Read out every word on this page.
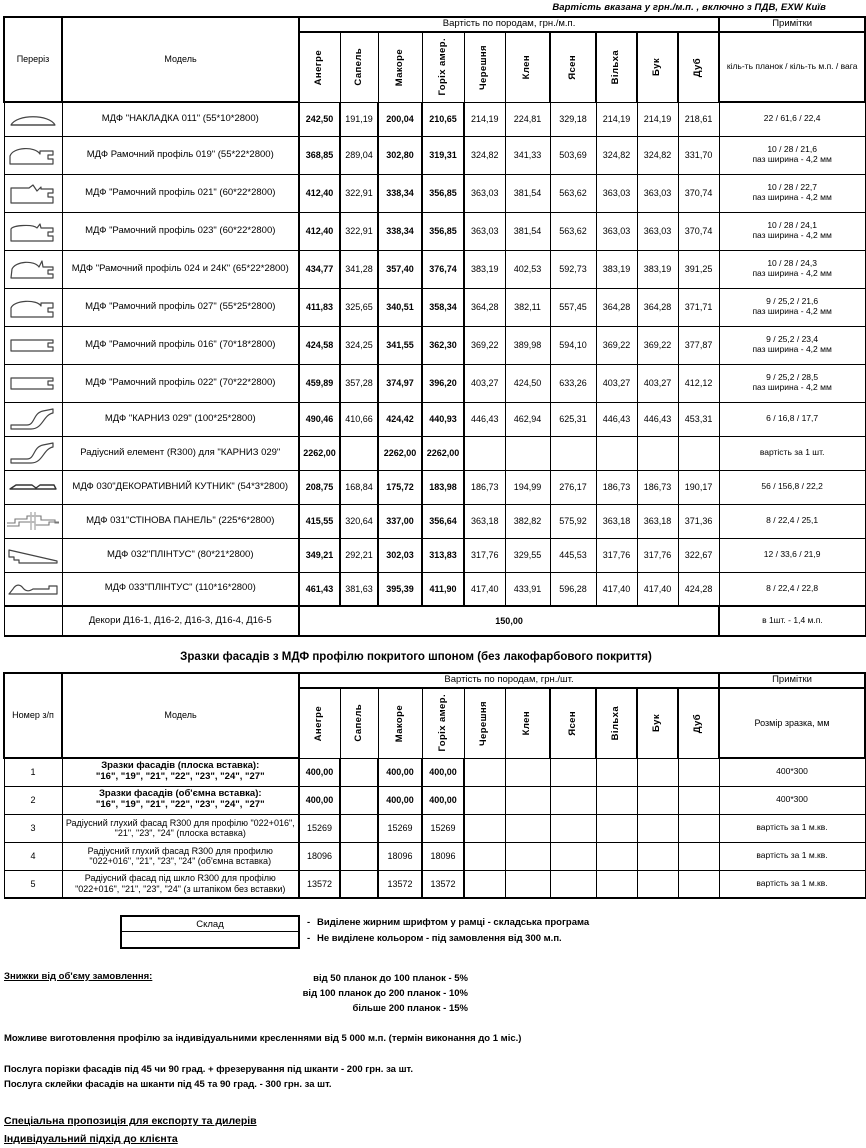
Вартість вказана у грн./м.п. , включно з ПДВ, EXW Київ
Переріз	Модель	Вартість по породам, грн./м.п.										Примітки

		Анегре	Сапель	Макоре	Горіх амер.	Черешня	Клен	Ясен	Вільха	Бук	Дуб	кіль-ть планок / кіль-ть м.п. / вага

	МДФ "НАКЛАДКА 011" (55*10*2800)	242,50	191,19	200,04	210,65	214,19	224,81	329,18	214,19	214,19	218,61	22 / 61,6 / 22,4

	МДФ Рамочний профіль 019" (55*22*2800)	368,85	289,04	302,80	319,31	324,82	341,33	503,69	324,82	324,82	331,70	10 / 28 / 21,6
паз ширина - 4,2 мм

	МДФ "Рамочний профіль 021" (60*22*2800)	412,40	322,91	338,34	356,85	363,03	381,54	563,62	363,03	363,03	370,74	10 / 28 / 22,7
паз ширина - 4,2 мм

	МДФ "Рамочний профіль 023" (60*22*2800)	412,40	322,91	338,34	356,85	363,03	381,54	563,62	363,03	363,03	370,74	10 / 28 / 24,1
паз ширина - 4,2 мм

	МДФ "Рамочний профіль 024 и 24К" (65*22*2800)	434,77	341,28	357,40	376,74	383,19	402,53	592,73	383,19	383,19	391,25	10 / 28 / 24,3
паз ширина - 4,2 мм

	МДФ "Рамочний профіль 027" (55*25*2800)	411,83	325,65	340,51	358,34	364,28	382,11	557,45	364,28	364,28	371,71	9 / 25,2 / 21,6
паз ширина - 4,2 мм

	МДФ "Рамочний профіль 016" (70*18*2800)	424,58	324,25	341,55	362,30	369,22	389,98	594,10	369,22	369,22	377,87	9 / 25,2 / 23,4
паз ширина - 4,2 мм

	МДФ "Рамочний профіль 022" (70*22*2800)	459,89	357,28	374,97	396,20	403,27	424,50	633,26	403,27	403,27	412,12	9 / 25,2 / 28,5
паз ширина - 4,2 мм

	МДФ "КАРНИЗ 029" (100*25*2800)	490,46	410,66	424,42	440,93	446,43	462,94	625,31	446,43	446,43	453,31	6 / 16,8 / 17,7

	Радіусний елемент (R300) для "КАРНИЗ 029"	2262,00		2262,00	2262,00							вартість за 1 шт.

	МДФ 030"ДЕКОРАТИВНИЙ КУТНИК" (54*3*2800)	208,75	168,84	175,72	183,98	186,73	194,99	276,17	186,73	186,73	190,17	56 / 156,8 / 22,2

	МДФ 031"СТІНОВА ПАНЕЛЬ" (225*6*2800)	415,55	320,64	337,00	356,64	363,18	382,82	575,92	363,18	363,18	371,36	8 / 22,4 / 25,1

	МДФ 032"ПЛІНТУС" (80*21*2800)	349,21	292,21	302,03	313,83	317,76	329,55	445,53	317,76	317,76	322,67	12 / 33,6 / 21,9

	МДФ 033"ПЛІНТУС" (110*16*2800)	461,43	381,63	395,39	411,90	417,40	433,91	596,28	417,40	417,40	424,28	8 / 22,4 / 22,8

	Декори Д16-1, Д16-2, Д16-3, Д16-4, Д16-5	150,00										в 1шт. - 1,4 м.п.
Зразки фасадів з МДФ профілю покритого шпоном (без лакофарбового покриття)
Номер з/п	Модель	Вартість по породам, грн./шт.										Примітки

		Анегре	Сапель	Макоре	Горіх амер.	Черешня	Клен	Ясен	Вільха	Бук	Дуб	Розмір зразка, мм
1	Зразки фасадів (плоска вставка):
"16", "19", "21", "22", "23", "24", "27"	400,00		400,00	400,00							400*300
2	Зразки фасадів (об'ємна вставка):
"16", "19", "21", "22", "23", "24", "27"	400,00		400,00	400,00							400*300
3	Радіусний глухий фасад R300 для профілю "022+016",
"21", "23", "24" (плоска вставка)	15269		15269	15269							вартість за 1 м.кв.
4	Радіусний глухий фасад R300 для профилю
"022+016", "21", "23", "24" (об'ємна вставка)	18096		18096	18096							вартість за 1 м.кв.
5	Радіусний фасад під шкло R300 для профілю
"022+016", "21", "23", "24" (з штапіком без вставки)	13572		13572	13572							вартість за 1 м.кв.
Склад
	- Виділене жирним шрифтом у рамці - складська програма
- Не виділене кольором - під замовлення від 300 м.п.
Знижки від об'єму замовлення:	від 50 планок до 100 планок - 5%
від 100 планок до 200 планок - 10%
більше 200 планок - 15%
Можливе виготовлення профілю за індивідуальними кресленнями від 5 000 м.п. (термін виконання до 1 міс.)
Послуга порізки фасадів під 45 чи 90 град. + фрезерування під шканти - 200 грн. за шт.
Послуга склейки фасадів на шканти під 45 та 90 град. - 300 грн. за шт.
Спеціальна пропозиція для експорту та дилерів
Індивідуальний підхід до клієнта
